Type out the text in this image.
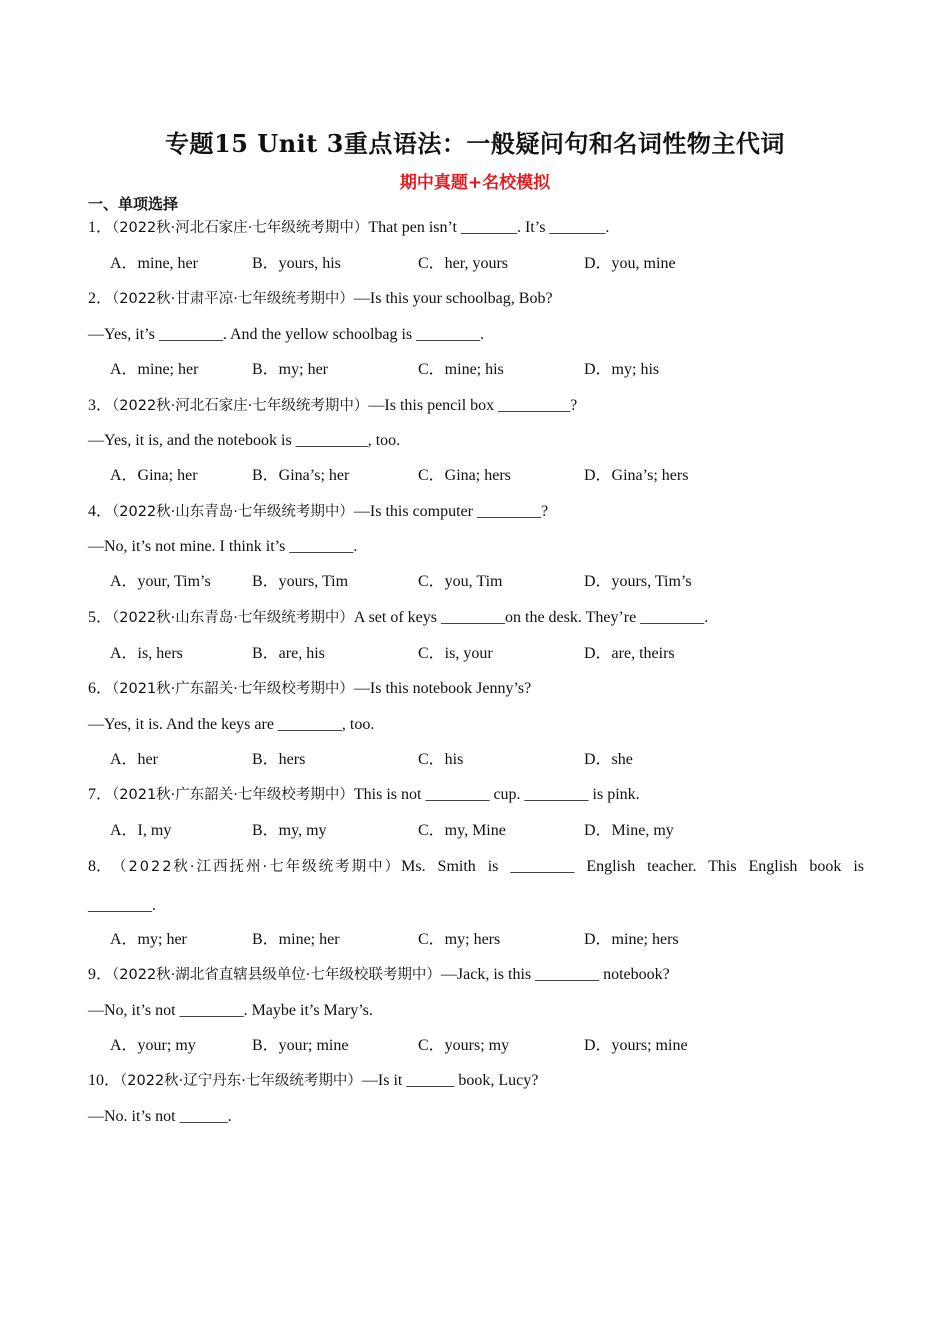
专题15 Unit 3重点语法：一般疑问句和名词性物主代词
期中真题+名校模拟
一、单项选择
1．（2022秋·河北石家庄·七年级统考期中）That pen isn’t _______. It’s _______.
A．mine, her	B．yours, his	C．her, yours	D．you, mine
2．（2022秋·甘肃平凉·七年级统考期中）—Is this your schoolbag, Bob?
—Yes, it’s ________. And the yellow schoolbag is ________.
A．mine; her	B．my; her	C．mine; his	D．my; his
3．（2022秋·河北石家庄·七年级统考期中）—Is this pencil box _________?
—Yes, it is, and the notebook is _________, too.
A．Gina; her	B．Gina’s; her	C．Gina; hers	D．Gina’s; hers
4．（2022秋·山东青岛·七年级统考期中）—Is this computer ________?
—No, it’s not mine. I think it’s ________.
A．your, Tim’s	B．yours, Tim	C．you, Tim	D．yours, Tim’s
5．（2022秋·山东青岛·七年级统考期中）A set of keys ________on the desk. They’re ________.
A．is, hers	B．are, his	C．is, your	D．are, theirs
6．（2021秋·广东韶关·七年级校考期中）—Is this notebook Jenny’s?
—Yes, it is. And the keys are ________, too.
A．her	B．hers	C．his	D．she
7．（2021秋·广东韶关·七年级校考期中）This is not ________ cup. ________ is pink.
A．I, my	B．my, my	C．my, Mine	D．Mine, my
8． （2022秋·江西抚州·七年级统考期中） Ms. Smith is ________ English teacher. This English book is
________.
A．my; her	B．mine; her	C．my; hers	D．mine; hers
9．（2022秋·湖北省直辖县级单位·七年级校联考期中）—Jack, is this ________ notebook?
—No, it’s not ________. Maybe it’s Mary’s.
A．your; my	B．your; mine	C．yours; my	D．yours; mine
10．（2022秋·辽宁丹东·七年级统考期中）—Is it ______ book, Lucy?
—No. it’s not ______.
